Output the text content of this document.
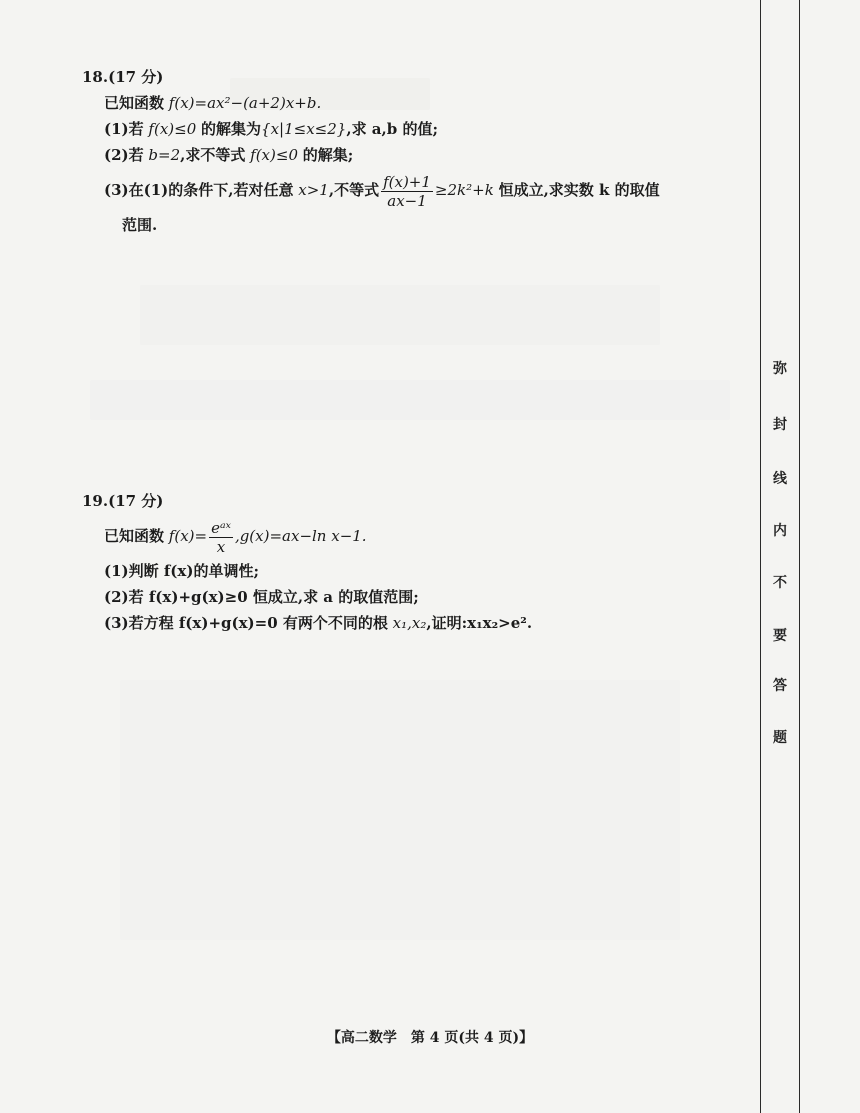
18.(17 分)
已知函数 f(x)=ax²−(a+2)x+b.
(1)若 f(x)≤0 的解集为{x|1≤x≤2},求 a,b 的值;
(2)若 b=2,求不等式 f(x)≤0 的解集;
(3)在(1)的条件下,若对任意 x>1,不等式 $\frac{f(x)+1}{ax-1} \ge 2k^2+k$ 恒成立,求实数 k 的取值
范围.
19.(17 分)
已知函数 $f(x)= \frac{\text{eᵃˣ}}{x} ,g(x)=ax-\ln$ x−1.
(1)判断 f(x)的单调性;
(2)若 f(x)+g(x)≥0 恒成立,求 a 的取值范围;
(3)若方程 f(x)+g(x)=0 有两个不同的根 x₁,x₂,证明:x₁x₂>e².
弥
封
线
内
不
要
答
题
【高二数学　第 4 页(共 4 页)】
